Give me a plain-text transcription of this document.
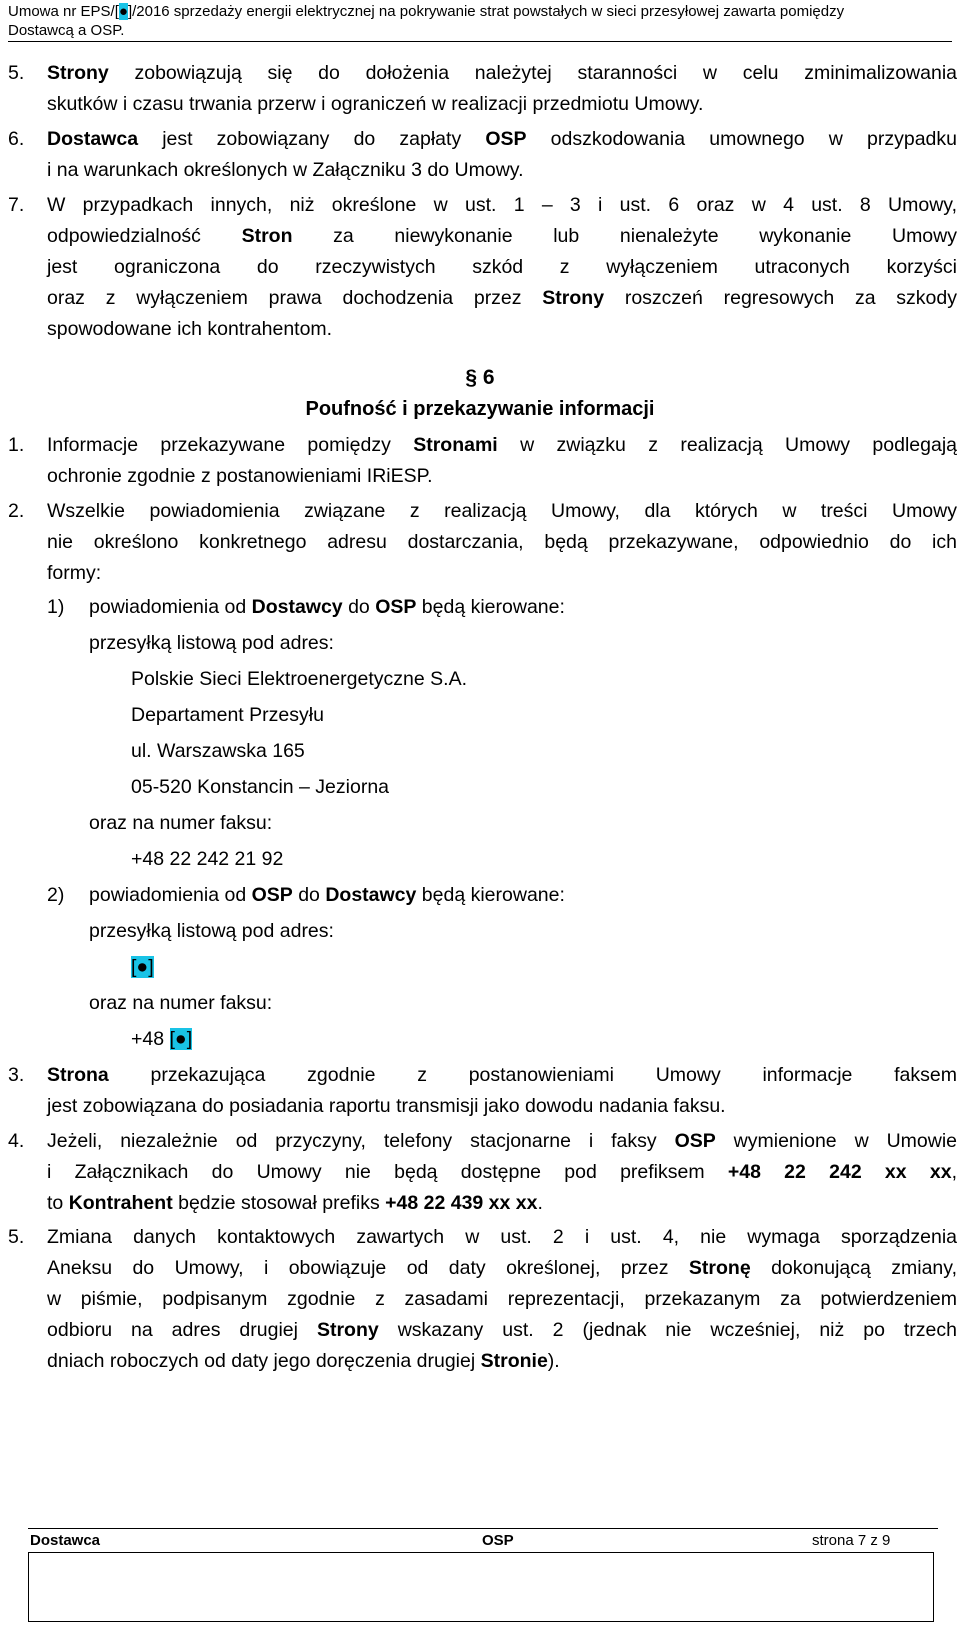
Umowa nr EPS/[●]/2016 sprzedaży energii elektrycznej na pokrywanie strat powstałych w sieci przesyłowej zawarta pomiędzy
Dostawcą a OSP.
5. Strony zobowiązują się do dołożenia należytej staranności w celu zminimalizowania
skutków i czasu trwania przerw i ograniczeń w realizacji przedmiotu Umowy.
6. Dostawca jest zobowiązany do zapłaty OSP odszkodowania umownego w przypadku
i na warunkach określonych w Załączniku 3 do Umowy.
7. W przypadkach innych, niż określone w ust. 1 – 3 i ust. 6 oraz w 4 ust. 8 Umowy,
odpowiedzialność Stron za niewykonanie lub nienależyte wykonanie Umowy
jest ograniczona do rzeczywistych szkód z wyłączeniem utraconych korzyści
oraz z wyłączeniem prawa dochodzenia przez Strony roszczeń regresowych za szkody
spowodowane ich kontrahentom.
§ 6
Poufność i przekazywanie informacji
1. Informacje przekazywane pomiędzy Stronami w związku z realizacją Umowy podlegają
ochronie zgodnie z postanowieniami IRiESP.
2. Wszelkie powiadomienia związane z realizacją Umowy, dla których w treści Umowy
nie określono konkretnego adresu dostarczania, będą przekazywane, odpowiednio do ich
formy:
1) powiadomienia od Dostawcy do OSP będą kierowane:
przesyłką listową pod adres:
Polskie Sieci Elektroenergetyczne S.A.
Departament Przesyłu
ul. Warszawska 165
05-520 Konstancin – Jeziorna
oraz na numer faksu:
+48 22 242 21 92
2) powiadomienia od OSP do Dostawcy będą kierowane:
przesyłką listową pod adres:
[●]
oraz na numer faksu:
+48 [●]
3. Strona przekazująca zgodnie z postanowieniami Umowy informacje faksem
jest zobowiązana do posiadania raportu transmisji jako dowodu nadania faksu.
4. Jeżeli, niezależnie od przyczyny, telefony stacjonarne i faksy OSP wymienione w Umowie
i Załącznikach do Umowy nie będą dostępne pod prefiksem +48 22 242 xx xx,
to Kontrahent będzie stosował prefiks +48 22 439 xx xx.
5. Zmiana danych kontaktowych zawartych w ust. 2 i ust. 4, nie wymaga sporządzenia
Aneksu do Umowy, i obowiązuje od daty określonej, przez Stronę dokonującą zmiany,
w piśmie, podpisanym zgodnie z zasadami reprezentacji, przekazanym za potwierdzeniem
odbioru na adres drugiej Strony wskazany ust. 2 (jednak nie wcześniej, niż po trzech
dniach roboczych od daty jego doręczenia drugiej Stronie).
Dostawca	OSP	strona 7 z 9
